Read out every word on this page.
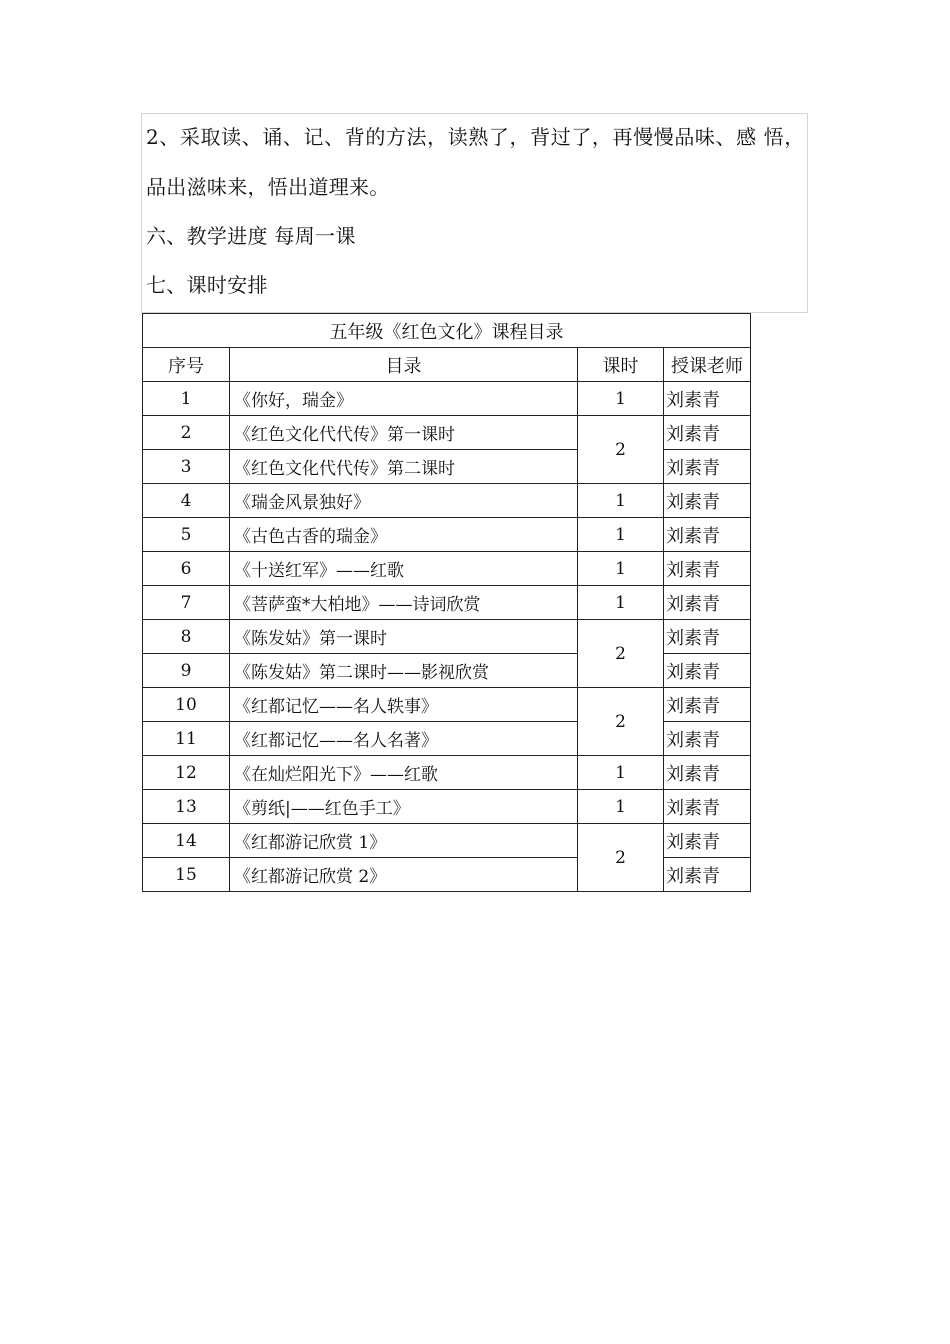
2、采取读、诵、记、背的方法，读熟了，背过了，再慢慢品味、感 悟，
品出滋味来，悟出道理来。
六、教学进度 每周一课
七、课时安排
五年级《红色文化》课程目录			
序号	目录	课时	授课老师
1	《你好，瑞金》	1	刘素青
2	《红色文化代代传》第一课时	2	刘素青
3	《红色文化代代传》第二课时		刘素青
4	《瑞金风景独好》	1	刘素青
5	《古色古香的瑞金》	1	刘素青
6	《十送红军》——红歌	1	刘素青
7	《菩萨蛮*大柏地》——诗词欣赏	1	刘素青
8	《陈发姑》第一课时	2	刘素青
9	《陈发姑》第二课时——影视欣赏		刘素青
10	《红都记忆——名人轶事》	2	刘素青
11	《红都记忆——名人名著》		刘素青
12	《在灿烂阳光下》——红歌	1	刘素青
13	《剪纸|——红色手工》	1	刘素青
14	《红都游记欣赏 1》	2	刘素青
15	《红都游记欣赏 2》		刘素青
